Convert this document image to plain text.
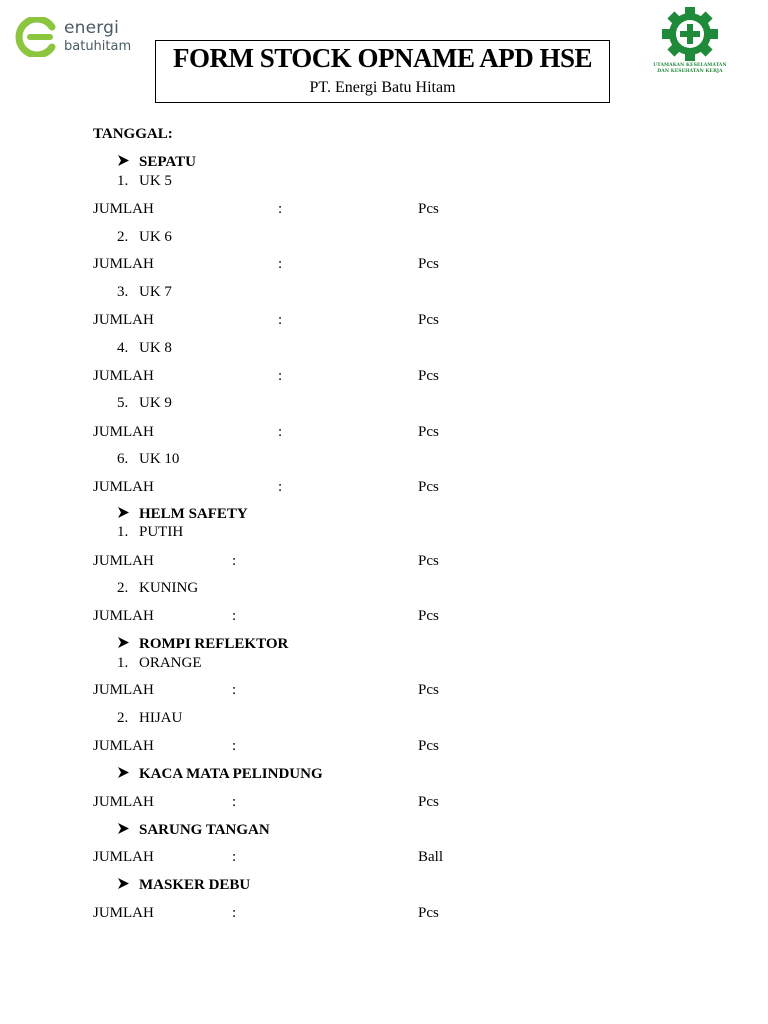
energi
batuhitam	FORM STOCK OPNAME APD HSE
PT. Energi Batu Hitam
UTAMAKAN KESELAMATAN
DAN KESEHATAN KERJA
TANGGAL:
SEPATU
1. UK 5
JUMLAH	:	Pcs
2. UK 6
JUMLAH	:	Pcs
3. UK 7
JUMLAH	:	Pcs
4. UK 8
JUMLAH	:	Pcs
5. UK 9
JUMLAH	:	Pcs
6. UK 10
JUMLAH	:	Pcs
HELM SAFETY
1. PUTIH
JUMLAH	:	Pcs
2. KUNING
JUMLAH	:	Pcs
ROMPI REFLEKTOR
1. ORANGE
JUMLAH	:	Pcs
2. HIJAU
JUMLAH	:	Pcs
KACA MATA PELINDUNG
JUMLAH	:	Pcs
SARUNG TANGAN
JUMLAH	:	Ball
MASKER DEBU
JUMLAH	:	Pcs
